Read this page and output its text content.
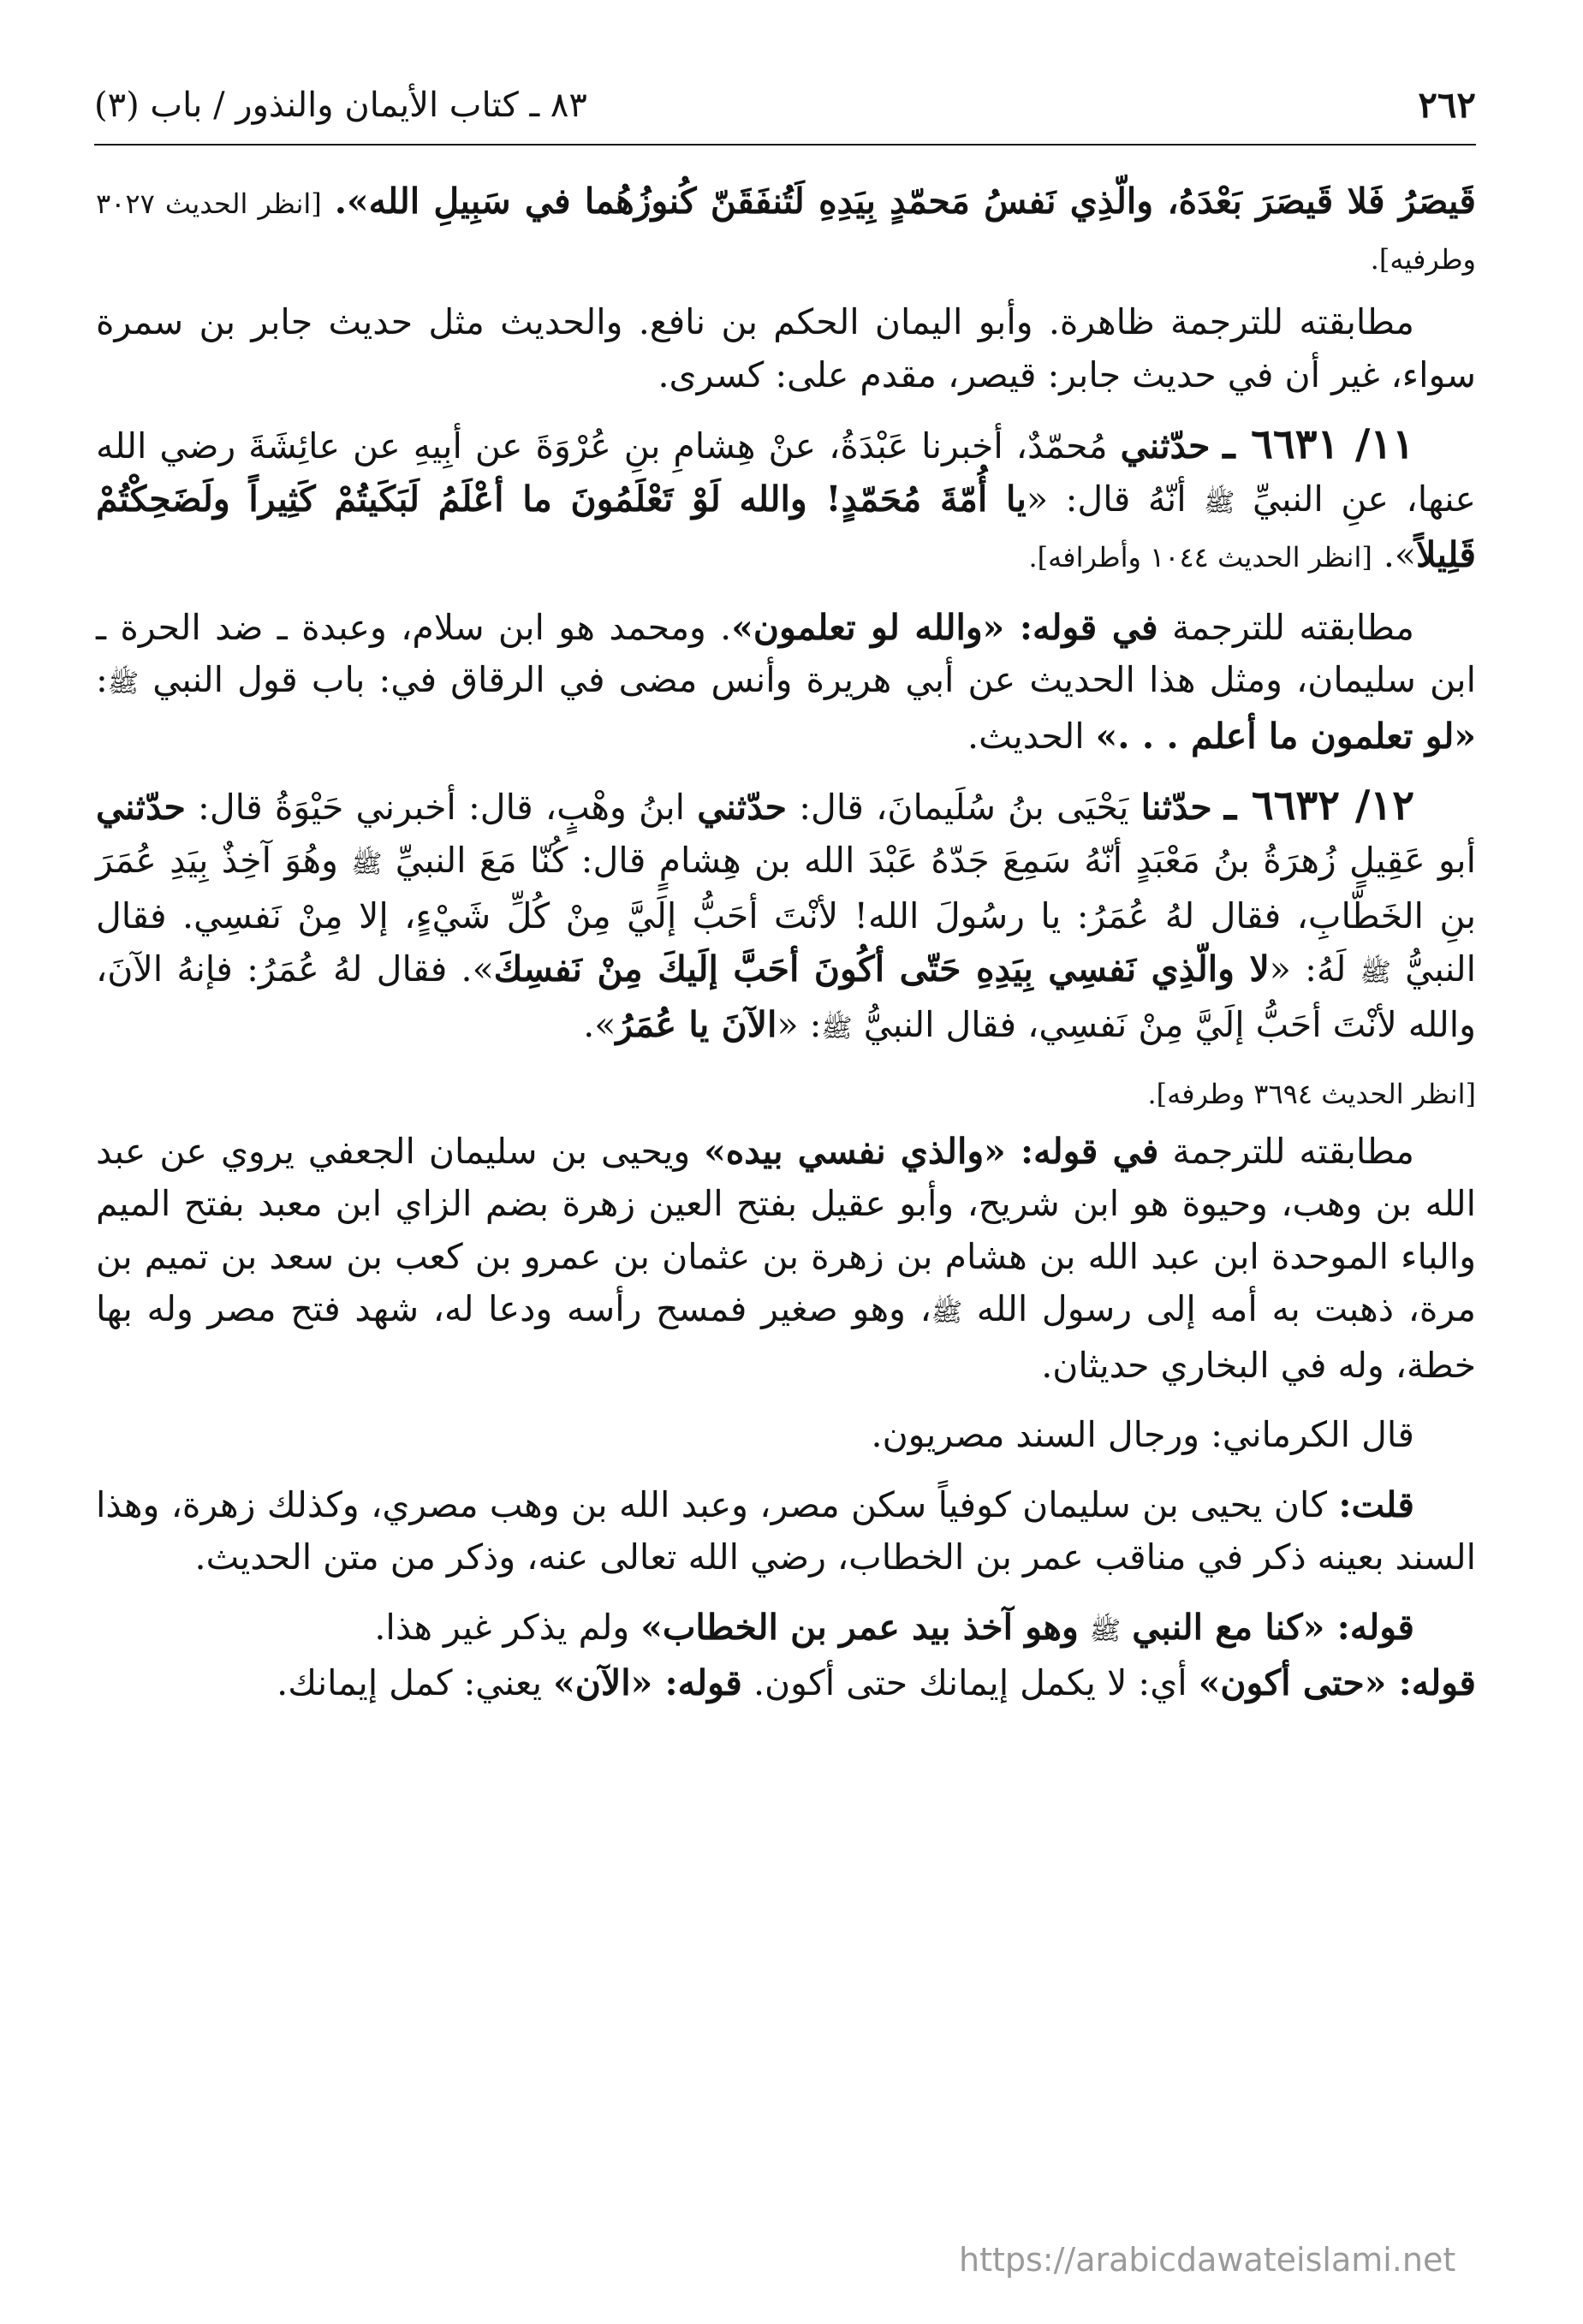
٨٣ ـ كتاب الأيمان والنذور / باب (٣)	٢٦٢

قَيصَرُ فَلا قَيصَرَ بَعْدَهُ، والّذِي نَفسُ مَحمّدٍ بِيَدِهِ لَتُنفَقَنّ كُنوزُهُما في سَبِيلِ الله». [انظر الحديث ٣٠٢٧ وطرفيه].

مطابقته للترجمة ظاهرة. وأبو اليمان الحكم بن نافع. والحديث مثل حديث جابر بن سمرة سواء، غير أن في حديث جابر: قيصر، مقدم على: كسرى.

١١/ ٦٦٣١ ـ حدّثني مُحمّدٌ، أخبرنا عَبْدَةُ، عنْ هِشامِ بنِ عُرْوَةَ عن أبِيهِ عن عائِشَةَ رضي الله عنها، عنِ النبيِّ ﷺ أنّهُ قال: «يا أُمّةَ مُحَمّدٍ! والله لَوْ تَعْلَمُونَ ما أعْلَمُ لَبَكَيتُمْ كَثِيراً ولَضَحِكْتُمْ قَلِيلاً». [انظر الحديث ١٠٤٤ وأطرافه].

مطابقته للترجمة في قوله: «والله لو تعلمون». ومحمد هو ابن سلام، وعبدة ـ ضد الحرة ـ ابن سليمان، ومثل هذا الحديث عن أبي هريرة وأنس مضى في الرقاق في: باب قول النبي ﷺ: «لو تعلمون ما أعلم . . .» الحديث.

١٢/ ٦٦٣٢ ـ حدّثنا يَحْيَى بنُ سُلَيمانَ، قال: حدّثني ابنُ وهْبٍ، قال: أخبرني حَيْوَةُ قال: حدّثني أبو عَقِيلٍ زُهرَةُ بنُ مَعْبَدٍ أنّهُ سَمِعَ جَدّهُ عَبْدَ الله بن هِشامٍ قال: كُنّا مَعَ النبيِّ ﷺ وهُوَ آخِذٌ بِيَدِ عُمَرَ بنِ الخَطّابِ، فقال لهُ عُمَرُ: يا رسُولَ الله! لأنْتَ أحَبُّ إلَيَّ مِنْ كُلِّ شَيْءٍ، إلا مِنْ نَفسِي. فقال النبيُّ ﷺ لَهُ: «لا والّذِي نَفسِي بِيَدِهِ حَتّى أكُونَ أحَبَّ إلَيكَ مِنْ نَفسِكَ». فقال لهُ عُمَرُ: فإنهُ الآنَ، والله لأنْتَ أحَبُّ إلَيَّ مِنْ نَفسِي، فقال النبيُّ ﷺ: «الآنَ يا عُمَرُ».

[انظر الحديث ٣٦٩٤ وطرفه].

مطابقته للترجمة في قوله: «والذي نفسي بيده» ويحيى بن سليمان الجعفي يروي عن عبد الله بن وهب، وحيوة هو ابن شريح، وأبو عقيل بفتح العين زهرة بضم الزاي ابن معبد بفتح الميم والباء الموحدة ابن عبد الله بن هشام بن زهرة بن عثمان بن عمرو بن كعب بن سعد بن تميم بن مرة، ذهبت به أمه إلى رسول الله ﷺ، وهو صغير فمسح رأسه ودعا له، شهد فتح مصر وله بها خطة، وله في البخاري حديثان.

قال الكرماني: ورجال السند مصريون.

قلت: كان يحيى بن سليمان كوفياً سكن مصر، وعبد الله بن وهب مصري، وكذلك زهرة، وهذا السند بعينه ذكر في مناقب عمر بن الخطاب، رضي الله تعالى عنه، وذكر من متن الحديث.

قوله: «كنا مع النبي ﷺ وهو آخذ بيد عمر بن الخطاب» ولم يذكر غير هذا.

قوله: «حتى أكون» أي: لا يكمل إيمانك حتى أكون. قوله: «الآن» يعني: كمل إيمانك.

https://arabicdawateislami.net
